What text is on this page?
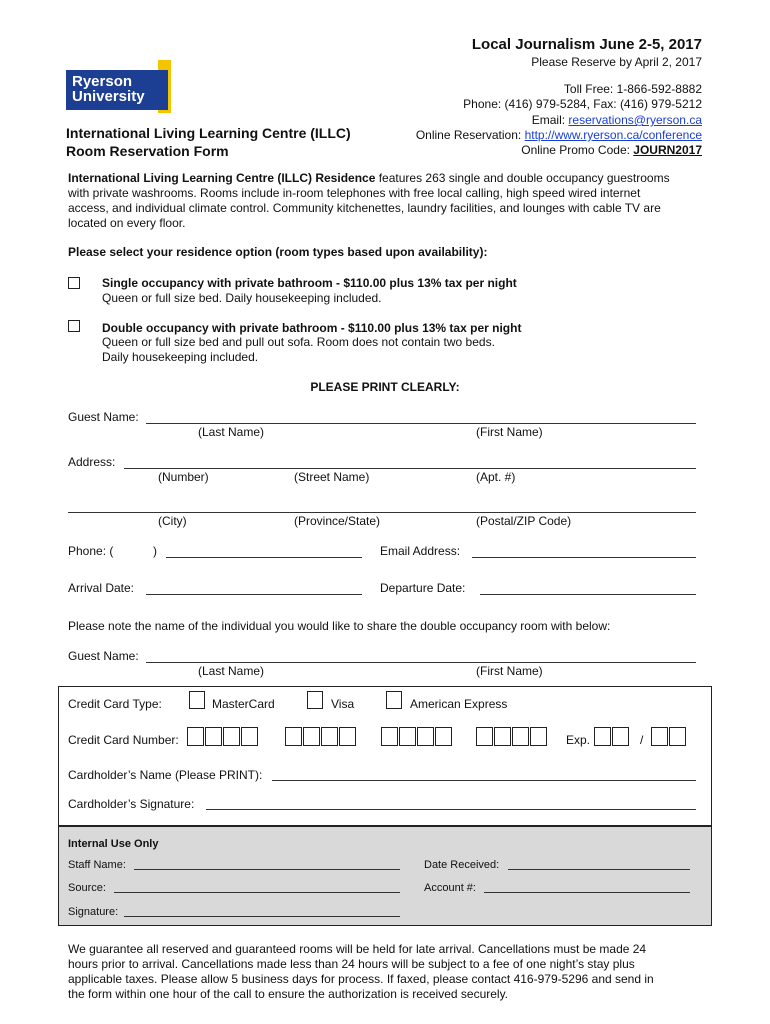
Local Journalism June 2-5, 2017
Please Reserve by April 2, 2017
Toll Free: 1-866-592-8882
Phone: (416) 979-5284, Fax: (416) 979-5212
Email: reservations@ryerson.ca
Online Reservation: http://www.ryerson.ca/conference
Online Promo Code: JOURN2017
Ryerson
University
International Living Learning Centre (ILLC)
Room Reservation Form
International Living Learning Centre (ILLC) Residence features 263 single and double occupancy guestrooms
with private washrooms. Rooms include in-room telephones with free local calling, high speed wired internet
access, and individual climate control. Community kitchenettes, laundry facilities, and lounges with cable TV are
located on every floor.
Please select your residence option (room types based upon availability):
Single occupancy with private bathroom - $110.00 plus 13% tax per night
Queen or full size bed. Daily housekeeping included.
Double occupancy with private bathroom - $110.00 plus 13% tax per night
Queen or full size bed and pull out sofa. Room does not contain two beds.
Daily housekeeping included.
PLEASE PRINT CLEARLY:
Guest Name:
(Last Name)	(First Name)
Address:
(Number)	(Street Name)	(Apt. #)
(City)	(Province/State)	(Postal/ZIP Code)
Phone: (	)	Email Address:
Arrival Date:	Departure Date:
Please note the name of the individual you would like to share the double occupancy room with below:
Guest Name:
(Last Name)	(First Name)
Credit Card Type:	MasterCard	Visa	American Express
Credit Card Number:	Exp.	/
Cardholder’s Name (Please PRINT):
Cardholder’s Signature:
Internal Use Only
Staff Name:	Date Received:
Source:	Account #:
Signature:
We guarantee all reserved and guaranteed rooms will be held for late arrival. Cancellations must be made 24
hours prior to arrival. Cancellations made less than 24 hours will be subject to a fee of one night’s stay plus
applicable taxes. Please allow 5 business days for process. If faxed, please contact 416-979-5296 and send in
the form within one hour of the call to ensure the authorization is received securely.
